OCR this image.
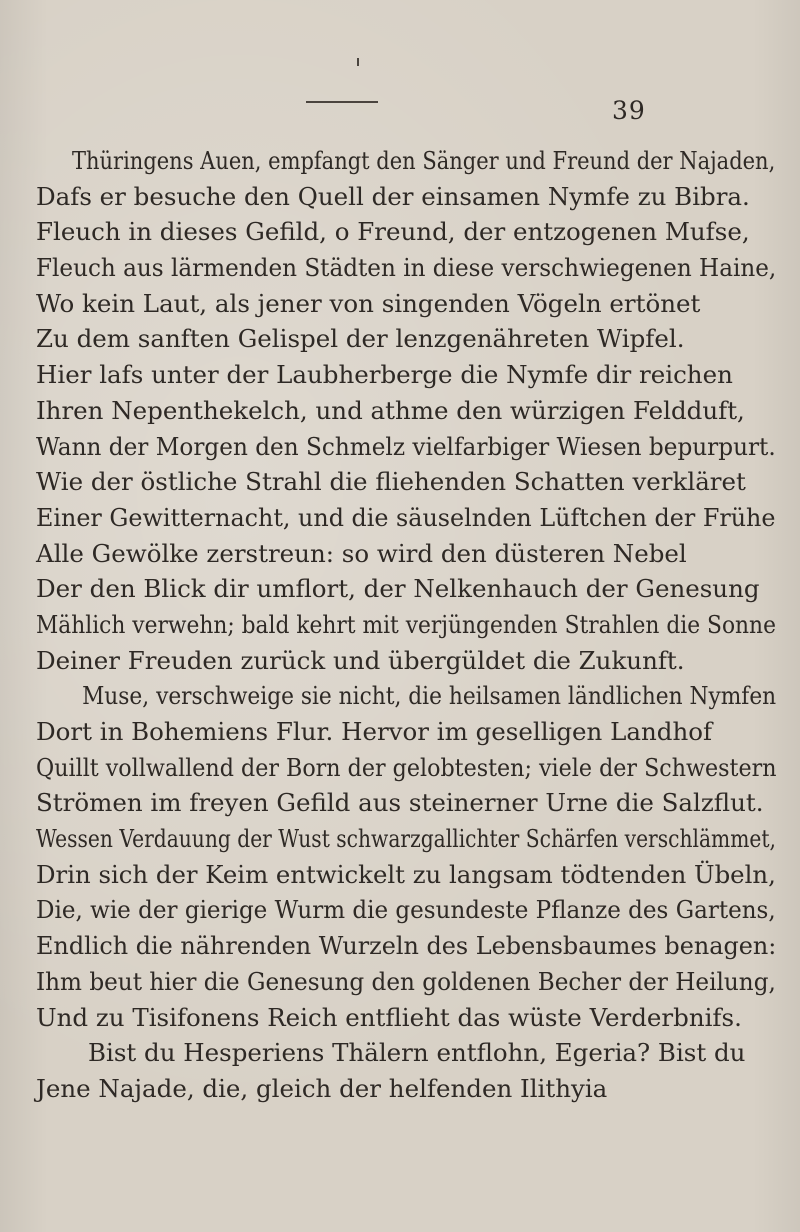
39
Thüringens Auen, empfangt den Sänger und Freund der Najaden,
Dafs er besuche den Quell der einsamen Nymfe zu Bibra.
Fleuch in dieses Gefild, o Freund, der entzogenen Mufse,
Fleuch aus lärmenden Städten in diese verschwiegenen Haine,
Wo kein Laut, als jener von singenden Vögeln ertönet
Zu dem sanften Gelispel der lenzgenähreten Wipfel.
Hier lafs unter der Laubherberge die Nymfe dir reichen
Ihren Nepenthekelch, und athme den würzigen Feldduft,
Wann der Morgen den Schmelz vielfarbiger Wiesen bepurpurt.
Wie der östliche Strahl die fliehenden Schatten verkläret
Einer Gewitternacht, und die säuselnden Lüftchen der Frühe
Alle Gewölke zerstreun: so wird den düsteren Nebel
Der den Blick dir umflort, der Nelkenhauch der Genesung
Mählich verwehn; bald kehrt mit verjüngenden Strahlen die Sonne
Deiner Freuden zurück und übergüldet die Zukunft.
Muse, verschweige sie nicht, die heilsamen ländlichen Nymfen
Dort in Bohemiens Flur. Hervor im geselligen Landhof
Quillt vollwallend der Born der gelobtesten; viele der Schwestern
Strömen im freyen Gefild aus steinerner Urne die Salzflut.
Wessen Verdauung der Wust schwarzgallichter Schärfen verschlämmet,
Drin sich der Keim entwickelt zu langsam tödtenden Übeln,
Die, wie der gierige Wurm die gesundeste Pflanze des Gartens,
Endlich die nährenden Wurzeln des Lebensbaumes benagen:
Ihm beut hier die Genesung den goldenen Becher der Heilung,
Und zu Tisifonens Reich entflieht das wüste Verderbnifs.
Bist du Hesperiens Thälern entflohn, Egeria? Bist du
Jene Najade, die, gleich der helfenden Ilithyia
